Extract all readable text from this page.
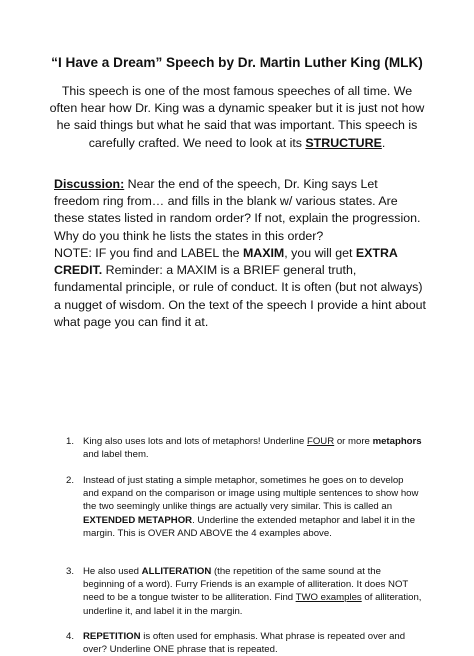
“I Have a Dream” Speech by Dr. Martin Luther King (MLK)

This speech is one of the most famous speeches of all time. We often hear how Dr. King was a dynamic speaker but it is just not how he said things but what he said that was important. This speech is carefully crafted. We need to look at its STRUCTURE.

Discussion: Near the end of the speech, Dr. King says Let freedom ring from… and fills in the blank w/ various states. Are these states listed in random order? If not, explain the progression. Why do you think he lists the states in this order?

NOTE: IF you find and LABEL the MAXIM, you will get EXTRA CREDIT. Reminder: a MAXIM is a BRIEF general truth, fundamental principle, or rule of conduct. It is often (but not always) a nugget of wisdom. On the text of the speech I provide a hint about what page you can find it at.

1. King also uses lots and lots of metaphors! Underline FOUR or more metaphors and label them.
2. Instead of just stating a simple metaphor, sometimes he goes on to develop and expand on the comparison or image using multiple sentences to show how the two seemingly unlike things are actually very similar. This is called an EXTENDED METAPHOR. Underline the extended metaphor and label it in the margin. This is OVER AND ABOVE the 4 examples above.
3. He also used ALLITERATION (the repetition of the same sound at the beginning of a word). Furry Friends is an example of alliteration. It does NOT need to be a tongue twister to be alliteration. Find TWO examples of alliteration, underline it, and label it in the margin.
4. REPETITION is often used for emphasis. What phrase is repeated over and over? Underline ONE phrase that is repeated.
